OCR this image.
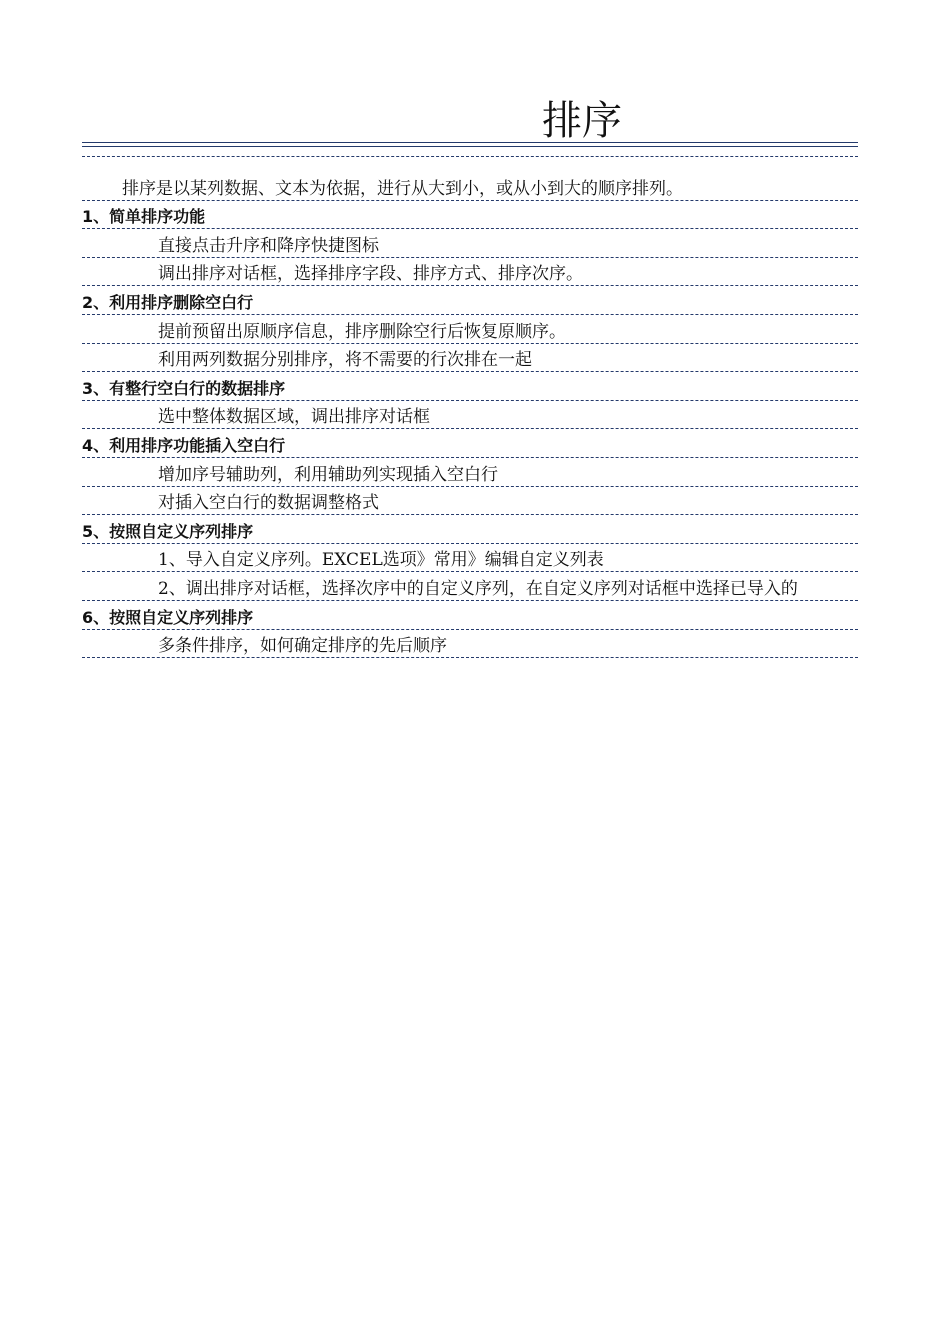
排序
排序是以某列数据、文本为依据，进行从大到小，或从小到大的顺序排列。
1、简单排序功能
直接点击升序和降序快捷图标
调出排序对话框，选择排序字段、排序方式、排序次序。
2、利用排序删除空白行
提前预留出原顺序信息，排序删除空行后恢复原顺序。
利用两列数据分别排序，将不需要的行次排在一起
3、有整行空白行的数据排序
选中整体数据区域，调出排序对话框
4、利用排序功能插入空白行
增加序号辅助列，利用辅助列实现插入空白行
对插入空白行的数据调整格式
5、按照自定义序列排序
1、导入自定义序列。EXCEL选项》常用》编辑自定义列表
2、调出排序对话框，选择次序中的自定义序列，在自定义序列对话框中选择已导入的
6、按照自定义序列排序
多条件排序，如何确定排序的先后顺序
